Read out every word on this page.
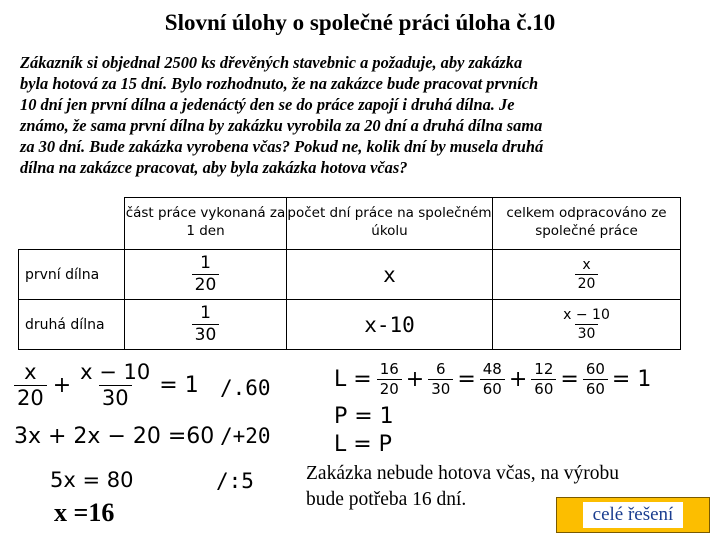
Slovní úlohy o společné práci úloha č.10
Zákazník si objednal 2500 ks dřevěných stavebnic a požaduje, aby zakázka
byla hotová za 15 dní. Bylo rozhodnuto, že na zakázce bude pracovat prvních
10 dní jen první dílna a jedenáctý den se do práce zapojí i druhá dílna. Je
známo, že sama první dílna by zakázku vyrobila za 20 dní a druhá dílna sama
za 30 dní. Bude zakázka vyrobena včas? Pokud ne, kolik dní by musela druhá
dílna na zakázce pracovat, aby byla zakázka hotova včas?
	část práce vykonaná za 1 den	počet dní práce na společném úkolu	celkem odpracováno ze společné práce
první dílna	$\frac{1}{20}$	x	$\frac{x}{20}$

druhá dílna	$\frac{1}{30}$	x-10	$\frac{x - 10}{30}$
$\frac{x}{20} + \frac{x - 10}{30} = 1$ /.60
3x + 2x − 20 =60 /+20
5x = 80	/:5
x =16
$L = \frac{16}{20} + \frac{6}{30} = \frac{48}{60} + \frac{12}{60} = \frac{60}{60} = 1$
P = 1
L = P
Zakázka nebude hotova včas, na výrobu
bude potřeba 16 dní.
celé řešení
